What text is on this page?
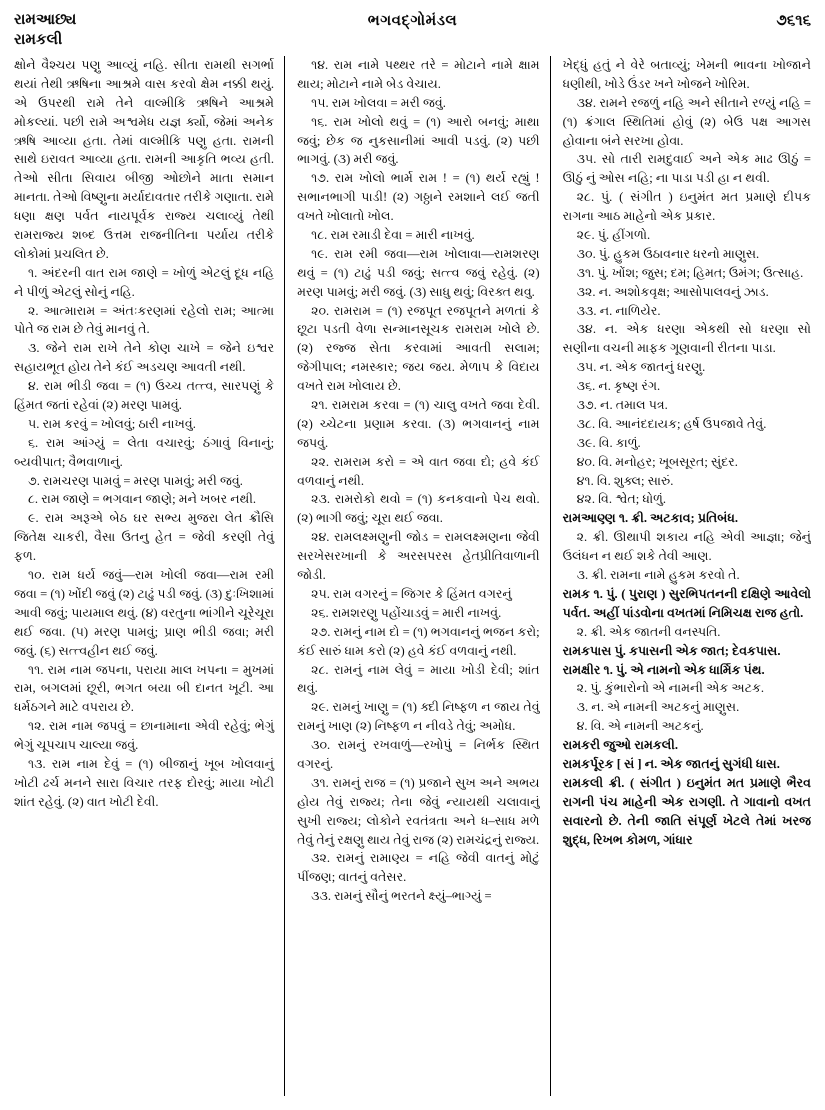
રામઆછ્ય
રામકલી
ભગવદ્ગોમંડલ	૭૬૧૬

ક્ષોને વૈશ્ચય પણુ આવ્યું નહિ. સીતા રામથી સગર્ભા થયાં તેથી ઋષિના આશ્રમે વાસ કરવો ક્ષેમ નક્કી થયું. એ ઉપરથી રામે તેને વાલ્મીકિ ઋષિને આશ્રમે મોકલ્યાં. પછી રામે અશ્વમેધ યજ્ઞ ર્ક્યો, જેમાં અનેક ઋષિ આવ્યા હતા. તેમાં વાલ્મીકિ પણુ હતા. રામની સાથે ઇરાવત આવ્યા હતા. રામની આકૃતિ ભવ્ય હતી. તેઓ સીતા સિવાય બીજી ઓછોને માતા સમાન માનતા. તેઓ વિષ્ણુના મર્યાદાવતાર તરીકે ગણાતા. રામે ધણા ક્ષણ પર્વત નાયપૂર્વક રાજ્ય ચલાવ્યું તેથી રામરાજ્ય શબ્દ ઉત્તમ રાજનીતિના પર્યાય તરીકે લોકોમાં પ્રચલિત છે.

૧. અંદરની વાત રામ જાણે = ખોળું એટલું દૂધ નહિ ને પીળું એટલું સોનું નહિ.

૨. આત્મારામ = અંતઃકરણમાં રહેલો રામ; આત્મા પોતે જ રામ છે તેવું માનવું તે.

૩. જેને રામ રાખે તેને કોણ ચાખે = જેને ઇશ્વર સહાયભૂત હોય તેને કંઈ અડચણ આવતી નથી.

૪. રામ ભીડી જવા = (૧) ઉચ્ચ તત્ત્વ, સારપણું કે હિંમત જતાં રહેવાં (૨) મરણ પામવું.

૫. રામ કરવું = ખોલવું; ઠારી નાખવું.

૬. રામ આંગ્યું = લેતા વચારવું; ઠંગાવું વિનાનું; બ્યવીપાત; વૈભવાળાનું.

૭. રામચરણ પામવું = મરણ પામવું; મરી જવું.

૮. રામ જાણે = ભગવાન જાણે; મને ખબર નથી.

૯. રામ અરૂએ બેઠ ઘર સભ્ય મુજરા લેત ક્રૌસિ જિતેક્ષ ચાકરી, વૈસા ઉતનુ હેત = જેવી કરણી તેવું ફળ.

૧૦. રામ ધર્ય જવું—રામ ખોલી જવા—રામ રમી જવા = (૧) ખોંદી જવું (૨) ટાઢું પડી જવું. (૩) દુઃખિશામાં આવી જવું; પાયમાલ થવું. (૪) વરતુના ભાંગીને ચૂરેચૂરા થઈ જવા. (૫) મરણ પામવું; પ્રાણ ભીડી જવા; મરી જવું. (૬) સત્ત્વહીન થઈ જવું.

૧૧. રામ નામ જપના, પરાયા માલ ખપના = મુખમાં રામ, બગલમાં છૂરી, ભગત બયા બી દાનત ખૂટી. આ ધર્મઠગને માટે વપરાય છે.

૧૨. રામ નામ જપવું = છાનામાના એવી રહેવું; ભેગું ભેગું ચૂપચાપ ચાલ્યા જવું.

૧૩. રામ નામ દેવું = (૧) બીજાનું ખૂબ ખોલવાનું ખોટી ઢર્ચ મનને સારા વિચાર તરફ દોરવું; માયા ખોટી શાંત રહેવું. (૨) વાત ખોટી દેવી.

૧૪. રામ નામે પથ્થર તરે = મોટાને નામે ક્ષામ થાય; મોટાને નામે બેડ વેચાય.

૧૫. રામ ખોલવા = મરી જવું.

૧૬. રામ ખોલો થવું = (૧) આરો બનવું; માથા જવું; છેક જ નુકસાનીમાં આવી પડવું. (૨) પછી ભાગવું. (૩) મરી જવું.

૧૭. રામ ખોલો ભાર્મ રામ ! = (૧) થર્ય રહ્યું ! સભાનભાગી પાડી! (૨) ગઠ્ઠાને રમશાને લઈ જતી વખતે ખોલાતો ખોલ.

૧૮. રામ રમાડી દેવા = મારી નાખવું.

૧૯. રામ રમી જવા—રામ ખોલાવા—રામશરણ થવું = (૧) ટાઢું પડી જવું; સત્ત્વ જવું રહેવું. (૨) મરણ પામવું; મરી જવું. (૩) સાધુ થવું; વિરક્ત થવુ.

૨૦. રામરામ = (૧) રજપૂત રજપૂતને મળતાં કે છૂટા પડતી વેળા સન્માનસૂચક રામરામ ખોલે છે. (૨) રજ્જ સેતા કરવામાં આવતી સલામ; જેગીપાલ; નમસ્કાર; જય જય. મેળાપ કે વિદાય વખતે રામ ખોલાય છે.

૨૧. રામરામ કરવા = (૧) ચાલુ વખતે જવા દેવી. (૨) ચ્ચેટના પ્રણામ કરવા. (૩) ભગવાનનું નામ જપવું.

૨૨. રામરામ કરો = એ વાત જવા દો; હવે કંઈ વળવાનું નથી.

૨૩. રામરોકો થવો = (૧) કનકવાનો પેચ થવો. (૨) ભાગી જવું; ચૂરા થઈ જવા.

૨૪. રામલક્ષ્મણુની જોડ = રામલક્ષ્મણના જેવી સરખેસરખાની કે અરસપરસ હેતપ્રીતિવાળાની જોડી.

૨૫. રામ વગરનું = જિગર કે હિંમત વગરનું

૨૬. રામશરણુ પહોંચાડવું = મારી નાખવું.

૨૭. રામનું નામ દો = (૧) ભગવાનનું ભજન કરો; કંઈ સારું ધામ કરો (૨) હવે કંઈ વળવાનું નથી.

૨૮. રામનું નામ લેવું = માયા ખોડી દેવી; શાંત થવું.

૨૯. રામનું ખાણુ = (૧) ક્દી નિષ્ફળ ન જાય તેવું રામનું ખાણ (૨) નિષ્ફળ ન નીવડે તેવું; અમોધ.

૩૦. રામનું રખવાળું—રખોપું = નિર્ભક સ્થિત વગરનું.

૩૧. રામનું રાજ = (૧) પ્રજાને સુખ અને અભય હોય તેવું રાજ્ય; તેના જેવું ન્યાયથી ચલાવાનું સુખી રાજ્ય; લોકોને રવતંત્રતા અને ધ–સાધ મળે તેવું તેનું રક્ષણુ થાય તેવું રાજ (૨) રામચંદ્રનું રાજ્ય.

૩૨. રામનું રામાણ્ય = નહિ જેવી વાતનું મોટું પીંજણ; વાતનું વતેસર.

૩૩. રામનું સૌનું ભરતને ક્ષ્યું–ભાગ્યું =

ખેદ્ધું હતું ને વેરે બતાવ્યું; ખેમની ભાવના ખોજાને ધણીથી, ખોડે ઉંડર ખને ખોજને ખોરિમ.

૩૪. રામને રજળું નહિ અને સીતાને રળ્યું નહિ = (૧) ક્રંગાલ સ્થિતિમાં હોવું (૨) બેઉ પક્ષ આગસ હોવાના બંને સરખા હોવા.

૩૫. સો તારી રામદુવાઈ અને એક માઢ ઊઠું = ઊઠું નું ઓસ નહિ; ના પાડા પડી હા ન થવી.

૨૮. પું. ( સંગીત ) ઇનુમંત મત પ્રમાણે દીપક રાગના આઠ માહેનો એક પ્રકાર.

૨૯. પું. હીંગળો.

૩૦. પું. હુકમ ઉઠાવનાર ધરનો માણુસ.

૩૧. પું. ખોંશ; જુસ; દમ; હિમત; ઉમંગ; ઉત્સાહ.

૩૨. ન. અશોકવૃક્ષ; આસોપાલવનું ઝાડ.

૩૩. ન. નાળિયેર.

૩૪. ન. એક ધરણા એકથી સો ધરણા સો સણીના વચની માફક ગૂણવાની રીતના પાડા.

૩૫. ન. એક જાતનું ધરણુ.

૩૬. ન. કૃષ્ણ રંગ.

૩૭. ન. તમાલ પત્ર.

૩૮. વિ. આનંદદાયક; હર્ષ ઉપજાવે તેવું.

૩૯. વિ. કાળું.

૪૦. વિ. મનોહર; ખૂબસૂરત; સુંદર.

૪૧. વિ. શુક્લ; સારું.

૪૨. વિ. શ્વેત; ધોળું.

રામઆણ્ણ ૧. ક્રી. અટકાવ; પ્રતિબંધ.

૨. ક્રી. ઊથાપી શકાય નહિ એવી આજ્ઞા; જેનું ઉલંધન ન થઈ શકે તેવી આણ.

૩. ક્રી. રામના નામે હુકમ કરવો તે.

રામક ૧. પું. ( પુરાણ ) સુરભિપતનની દક્ષિણે આવેલો પર્વત. અહીં પાંડવોના વખતમાં નિમિચક્ષ રાજ હતો.

૨. ક્રી. એક જાતની વનસ્પતિ.

રામકપાસ પું. કપાસની એક જાત; દેવકપાસ.

રામક્ષીર ૧. પું. એ નામનો એક ધાર્મિક પંથ.

૨. પું. કુંભારોનો એ નામની એક અટક.

૩. ન. એ નામની અટકનું માણુસ.

૪. વિ. એ નામની અટકનું.

રામકરી જુઓ રામકલી.

રામકર્પૂરક [ સં ] ન. એક જાતનું સુગંધી ધાસ.

રામકલી ક્રી. ( સંગીત ) ઇનુમંત મત પ્રમાણે ભૈરવ રાગની પંચ માહેની એક રાગણી. તે ગાવાનો વખત સવારનો છે. તેની જાતિ સંપૂર્ણ ખેટલે તેમાં ખરજ શુદ્ધ, રિખભ કોમળ, ગાંધાર
